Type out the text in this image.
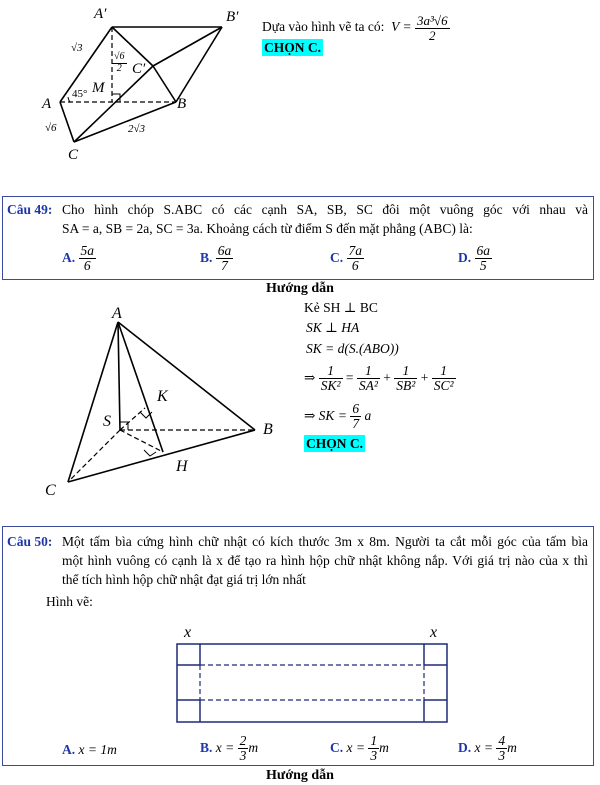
A′	B′
C′
A	B
C
M
√3
√6	2√3
45°
$\frac{√6}{2}$
Dựa vào hình vẽ ta có: $V = \frac{\text{3a³√6}}{2}$
CHỌN C.
Câu 49: Cho hình chóp S.ABC có các cạnh SA, SB, SC đôi một vuông góc với nhau và
SA = a, SB = 2a, SC = 3a. Khoảng cách từ điểm S đến mặt phẳng (ABC) là:
A. $\frac{5a}{6}$	B. $\frac{6a}{7}$	C. $\frac{7a}{6}$	D. $\frac{6a}{5}$
Hướng dẫn
A
B
C
S
K
H
Kẻ SH ⊥ BC
SK ⊥ HA
SK = d(S.(ABO))
⇒ $\frac{1}{\text{SK²}} = \frac{1}{\text{SA²}} + \frac{1}{\text{SB²}} + \frac{1}{\text{SC²}}$
⇒ SK = $\frac{6}{7}$ a
CHỌN C.
Câu 50: Một tấm bìa cứng hình chữ nhật có kích thước 3m x 8m. Người ta cắt mỗi góc của tấm bìa
một hình vuông có cạnh là x để tạo ra hình hộp chữ nhật không nắp. Với giá trị nào của x thì
thể tích hình hộp chữ nhật đạt giá trị lớn nhất
Hình vẽ:
x	x
A. x = 1m	B. $x = \frac{2}{3}$ m	C. $x = \frac{1}{3}$ m	D. $x = \frac{4}{3}$ m
Hướng dẫn
